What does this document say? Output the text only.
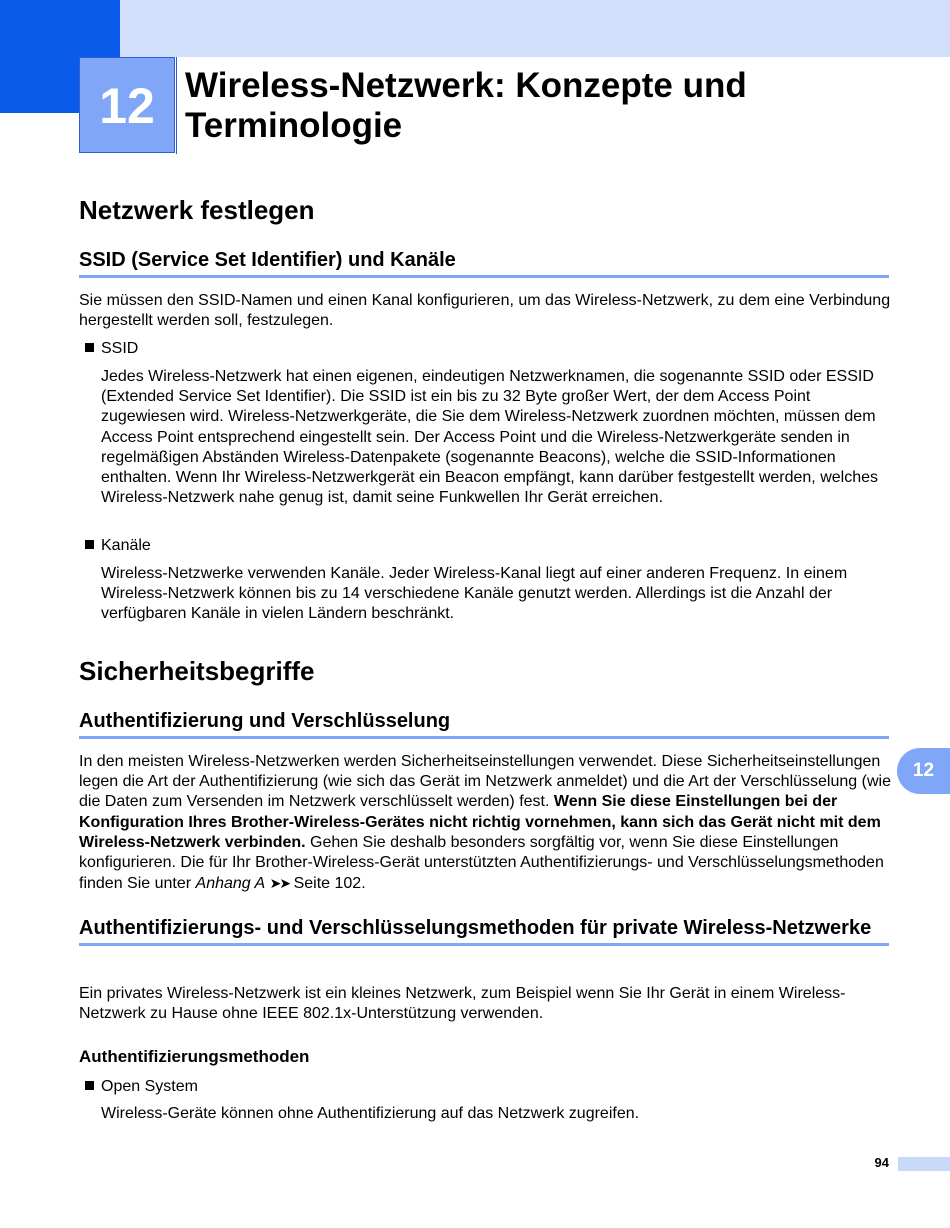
12 Wireless-Netzwerk: Konzepte und
Terminologie
Netzwerk festlegen
SSID (Service Set Identifier) und Kanäle
Sie müssen den SSID-Namen und einen Kanal konfigurieren, um das Wireless-Netzwerk, zu dem eine Verbindung hergestellt werden soll, festzulegen.
SSID
Jedes Wireless-Netzwerk hat einen eigenen, eindeutigen Netzwerknamen, die sogenannte SSID oder ESSID (Extended Service Set Identifier). Die SSID ist ein bis zu 32 Byte großer Wert, der dem Access Point zugewiesen wird. Wireless-Netzwerkgeräte, die Sie dem Wireless-Netzwerk zuordnen möchten, müssen dem Access Point entsprechend eingestellt sein. Der Access Point und die Wireless-Netzwerkgeräte senden in regelmäßigen Abständen Wireless-Datenpakete (sogenannte Beacons), welche die SSID-Informationen enthalten. Wenn Ihr Wireless-Netzwerkgerät ein Beacon empfängt, kann darüber festgestellt werden, welches Wireless-Netzwerk nahe genug ist, damit seine Funkwellen Ihr Gerät erreichen.
Kanäle
Wireless-Netzwerke verwenden Kanäle. Jeder Wireless-Kanal liegt auf einer anderen Frequenz. In einem Wireless-Netzwerk können bis zu 14 verschiedene Kanäle genutzt werden. Allerdings ist die Anzahl der verfügbaren Kanäle in vielen Ländern beschränkt.
Sicherheitsbegriffe
Authentifizierung und Verschlüsselung
In den meisten Wireless-Netzwerken werden Sicherheitseinstellungen verwendet. Diese Sicherheitseinstellungen legen die Art der Authentifizierung (wie sich das Gerät im Netzwerk anmeldet) und die Art der Verschlüsselung (wie die Daten zum Versenden im Netzwerk verschlüsselt werden) fest. Wenn Sie diese Einstellungen bei der Konfiguration Ihres Brother-Wireless-Gerätes nicht richtig vornehmen, kann sich das Gerät nicht mit dem Wireless-Netzwerk verbinden. Gehen Sie deshalb besonders sorgfältig vor, wenn Sie diese Einstellungen konfigurieren. Die für Ihr Brother-Wireless-Gerät unterstützten Authentifizierungs- und Verschlüsselungsmethoden finden Sie unter Anhang A ➤➤ Seite 102.
Authentifizierungs- und Verschlüsselungsmethoden für private Wireless-Netzwerke
Ein privates Wireless-Netzwerk ist ein kleines Netzwerk, zum Beispiel wenn Sie Ihr Gerät in einem Wireless-Netzwerk zu Hause ohne IEEE 802.1x-Unterstützung verwenden.
Authentifizierungsmethoden
Open System
Wireless-Geräte können ohne Authentifizierung auf das Netzwerk zugreifen.
12
94
